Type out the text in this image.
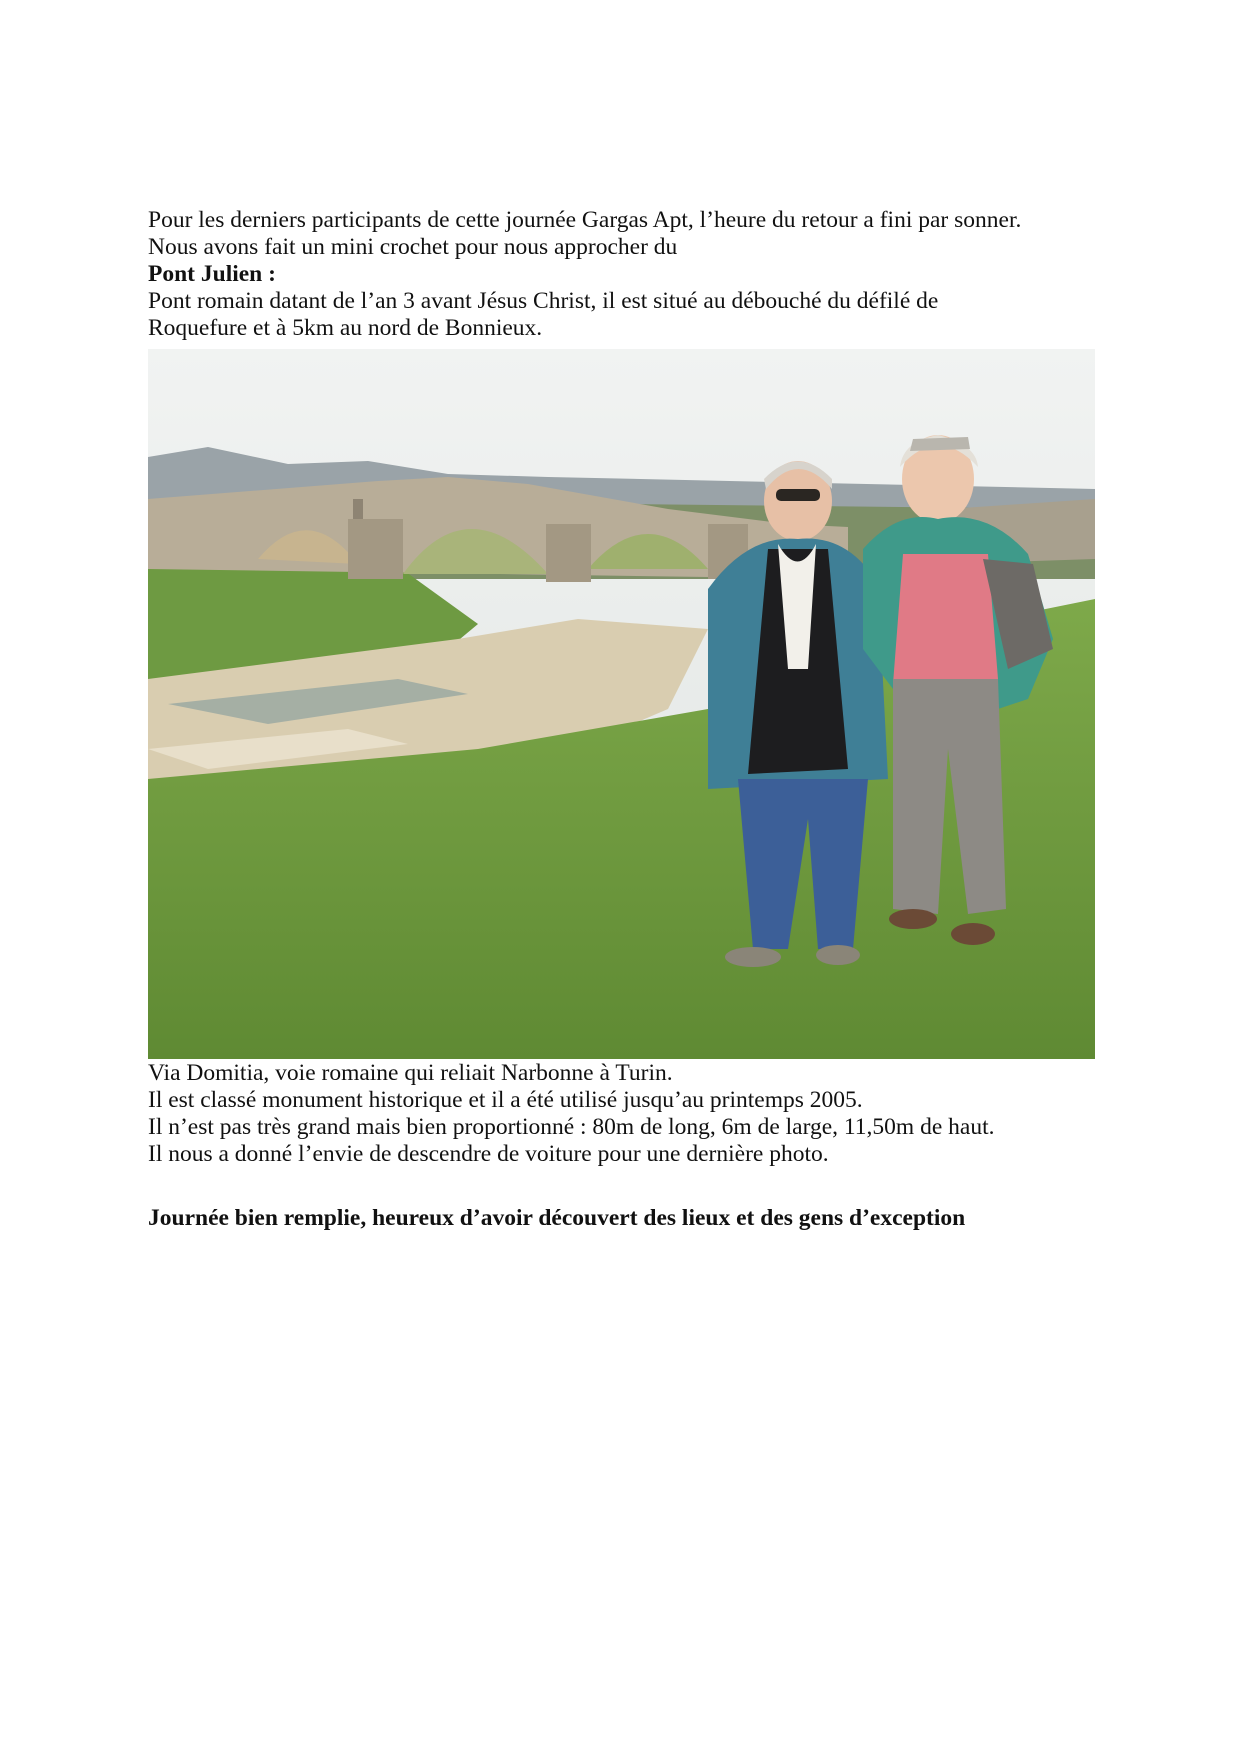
Pour les derniers participants de cette journée Gargas Apt, l’heure du retour a fini par sonner.
Nous avons fait un mini crochet pour nous approcher du
Pont Julien :
Pont romain datant de l’an 3 avant Jésus Christ, il est situé au débouché du défilé de
Roquefure et à 5km au nord de Bonnieux.
Via Domitia, voie romaine qui reliait Narbonne à Turin.
Il est classé monument historique et il a été utilisé jusqu’au printemps 2005.
Il n’est pas très grand mais bien proportionné : 80m de long, 6m de large, 11,50m de haut.
Il nous a donné l’envie de descendre de voiture pour une dernière photo.
Journée bien remplie, heureux d’avoir découvert des lieux et des gens d’exception
